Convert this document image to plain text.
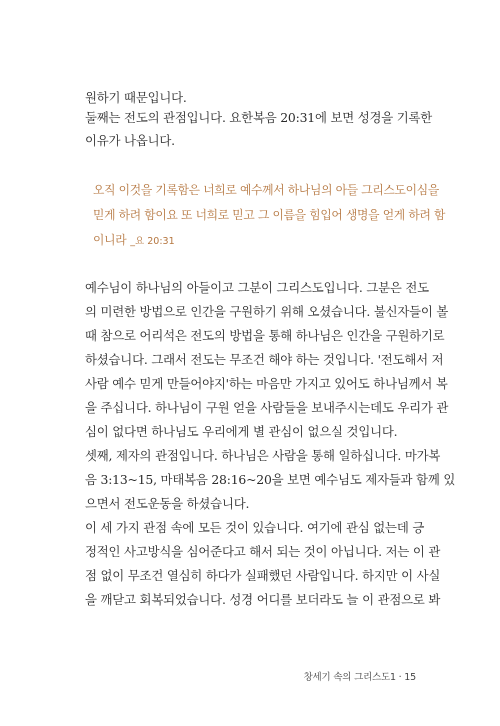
원하기 때문입니다.
둘째는 전도의 관점입니다. 요한복음 20:31에 보면 성경을 기록한
이유가 나옵니다.
오직 이것을 기록함은 너희로 예수께서 하나님의 아들 그리스도이심을
믿게 하려 함이요 또 너희로 믿고 그 이름을 힘입어 생명을 얻게 하려 함
이니라 _요 20:31
예수님이 하나님의 아들이고 그분이 그리스도입니다. 그분은 전도
의 미련한 방법으로 인간을 구원하기 위해 오셨습니다. 불신자들이 볼
때 참으로 어리석은 전도의 방법을 통해 하나님은 인간을 구원하기로
하셨습니다. 그래서 전도는 무조건 해야 하는 것입니다. '전도해서 저
사람 예수 믿게 만들어야지'하는 마음만 가지고 있어도 하나님께서 복
을 주십니다. 하나님이 구원 얻을 사람들을 보내주시는데도 우리가 관
심이 없다면 하나님도 우리에게 별 관심이 없으실 것입니다.
셋째, 제자의 관점입니다. 하나님은 사람을 통해 일하십니다. 마가복
음 3:13~15, 마태복음 28:16~20을 보면 예수님도 제자들과 함께 있
으면서 전도운동을 하셨습니다.
이 세 가지 관점 속에 모든 것이 있습니다. 여기에 관심 없는데 긍
정적인 사고방식을 심어준다고 해서 되는 것이 아닙니다. 저는 이 관
점 없이 무조건 열심히 하다가 실패했던 사람입니다. 하지만 이 사실
을 깨닫고 회복되었습니다. 성경 어디를 보더라도 늘 이 관점으로 봐
창세기 속의 그리스도1 · 15
